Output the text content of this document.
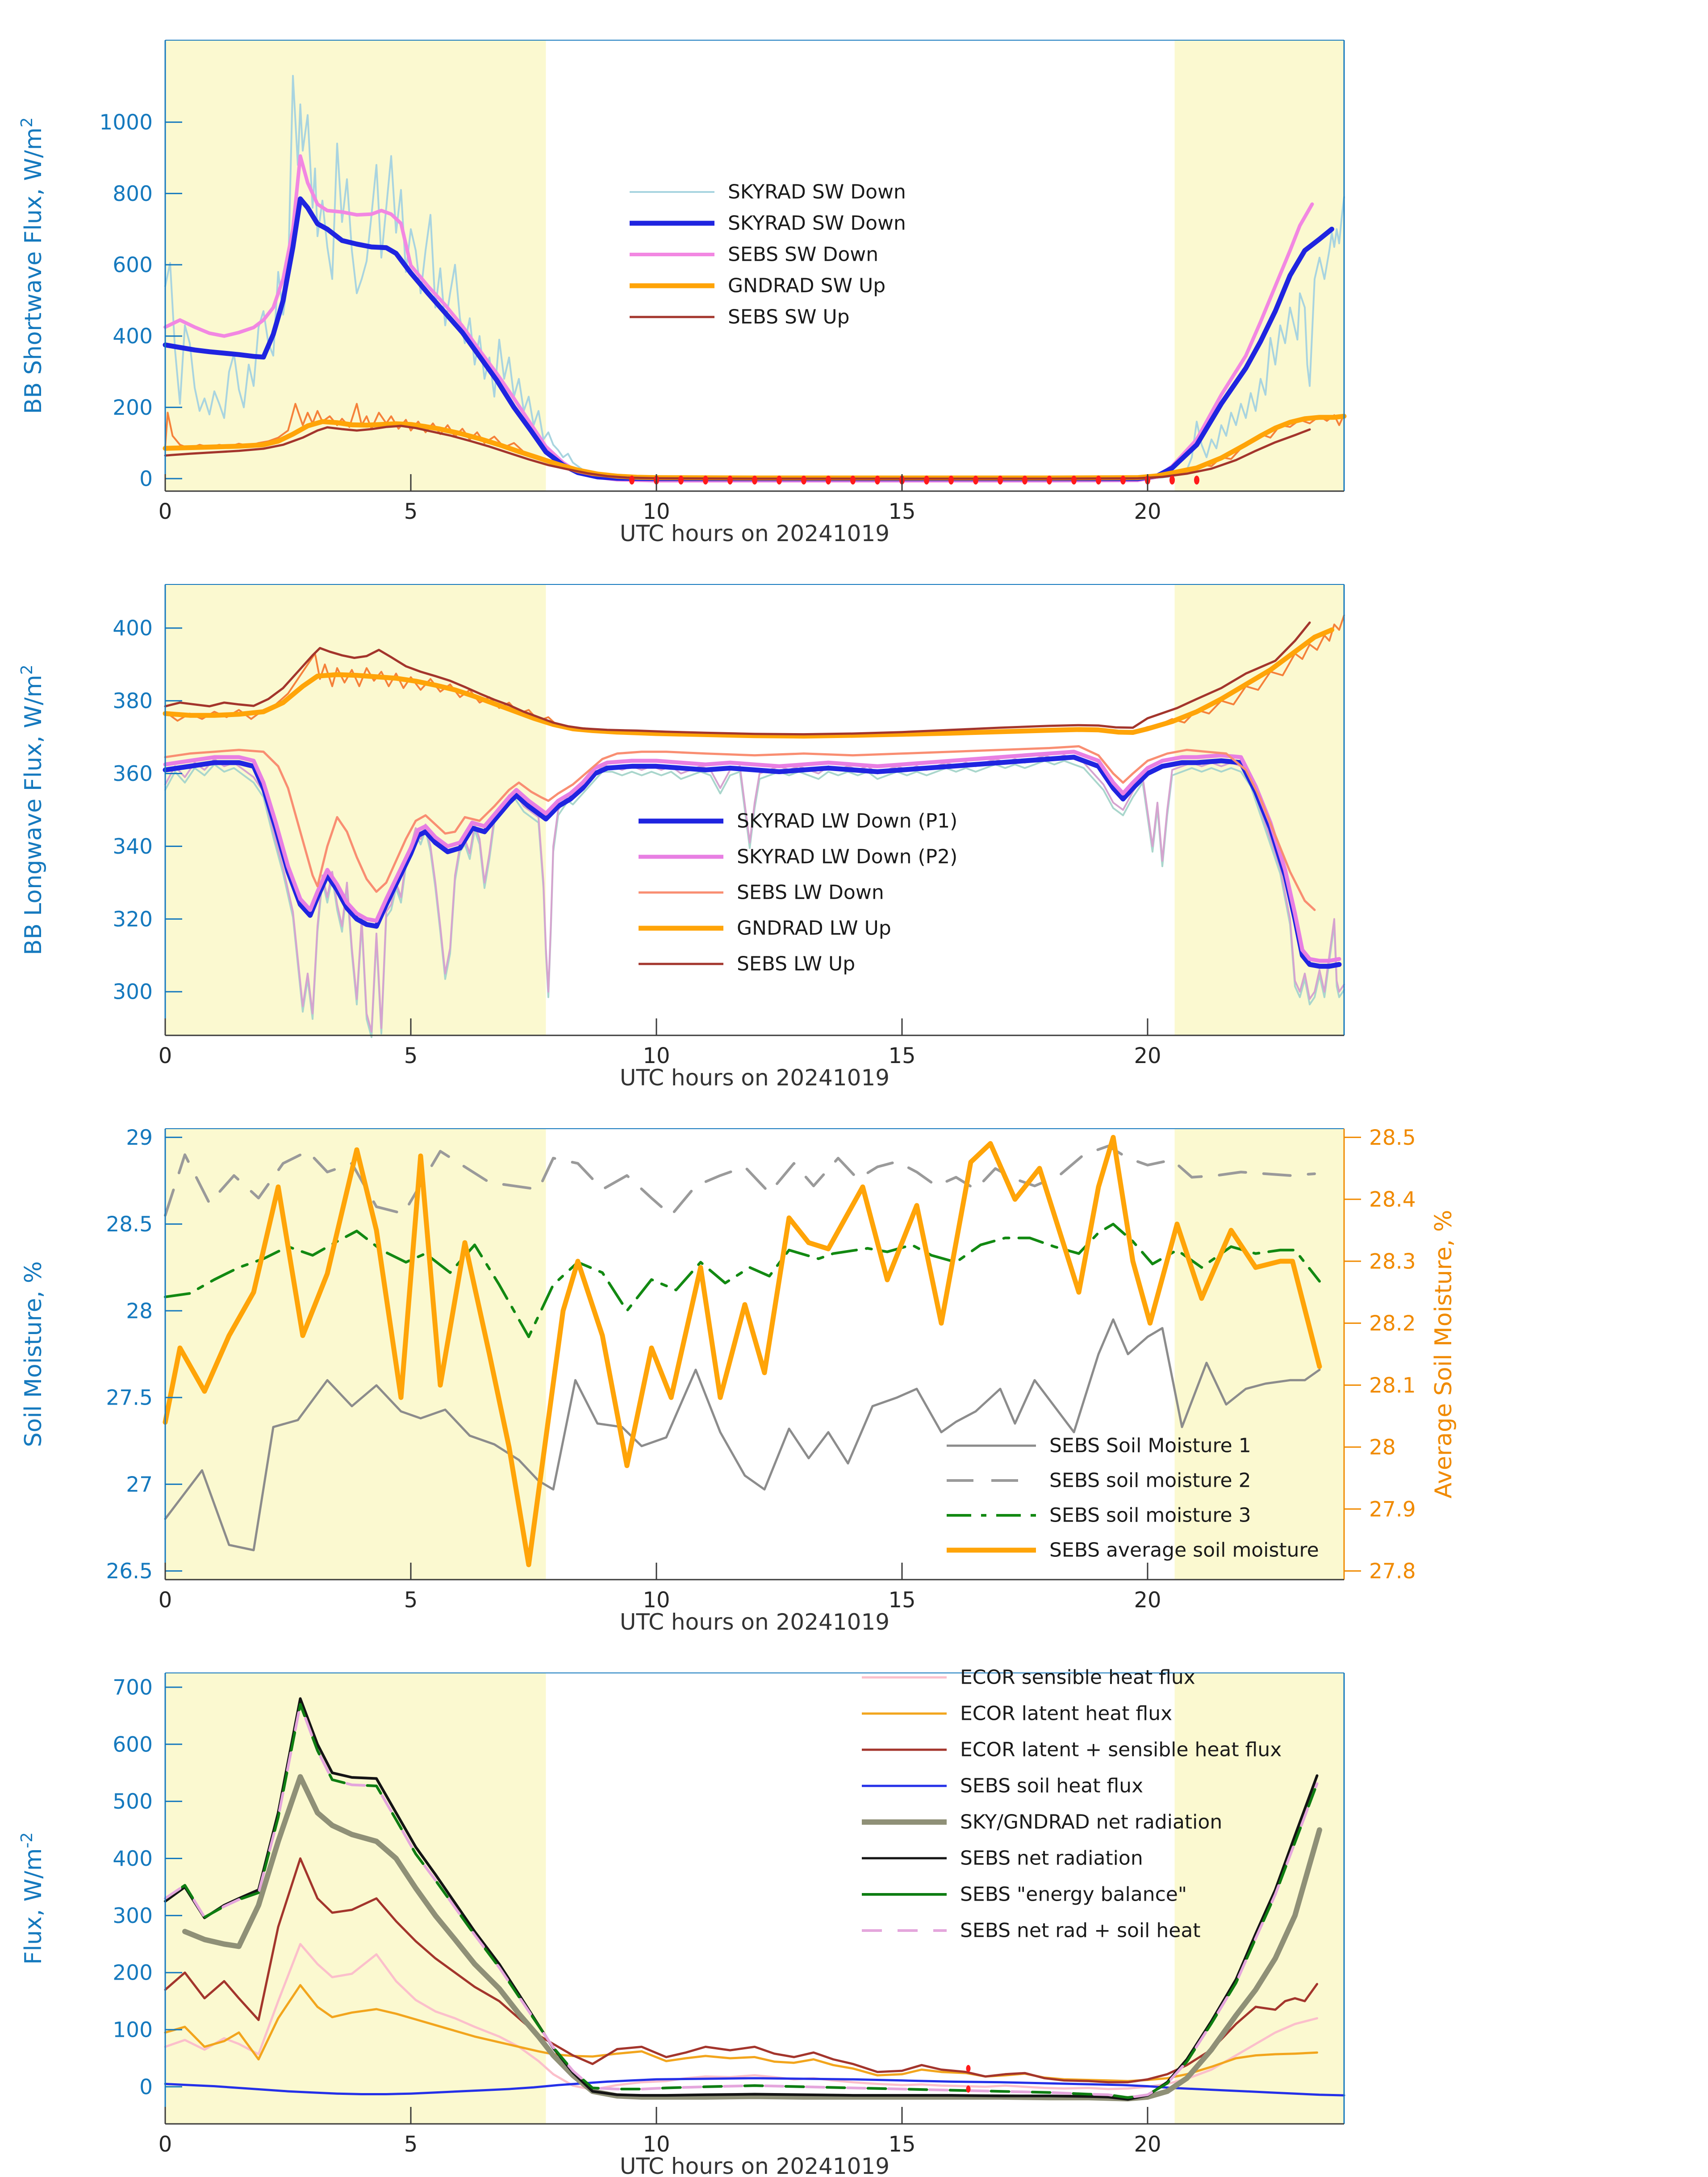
0
200
400
600
800
1000
0	5	10	15	20
UTC hours on 20241019
BB Shortwave Flux, $W/m^2$
SKYRAD SW Down
SKYRAD SW Down
SEBS SW Down
GNDRAD SW Up
SEBS SW Up
300
320
340
360
380
400
0	5	10	15	20
UTC hours on 20241019
BB Longwave Flux, $W/m^2$
SKYRAD LW Down (P1)
SKYRAD LW Down (P2)
SEBS LW Down
GNDRAD LW Up
SEBS LW Up
26.5
27
27.5
28
28.5
29
27.8
27.9
28
28.1
28.2
28.3
28.4
28.5
Average Soil Moisture, %
0	5	10	15	20
UTC hours on 20241019
Soil Moisture, %	SEBS Soil Moisture 1
SEBS soil moisture 2
SEBS soil moisture 3
SEBS average soil moisture
0
100
200
300
400
500
600
700
0	5	10	15	20
UTC hours on 20241019
Flux, $W/m^{-2}$
ECOR sensible heat flux
ECOR latent heat flux
ECOR latent + sensible heat flux
SEBS soil heat flux
SKY/GNDRAD net radiation
SEBS net radiation
SEBS "energy balance"
SEBS net rad + soil heat
